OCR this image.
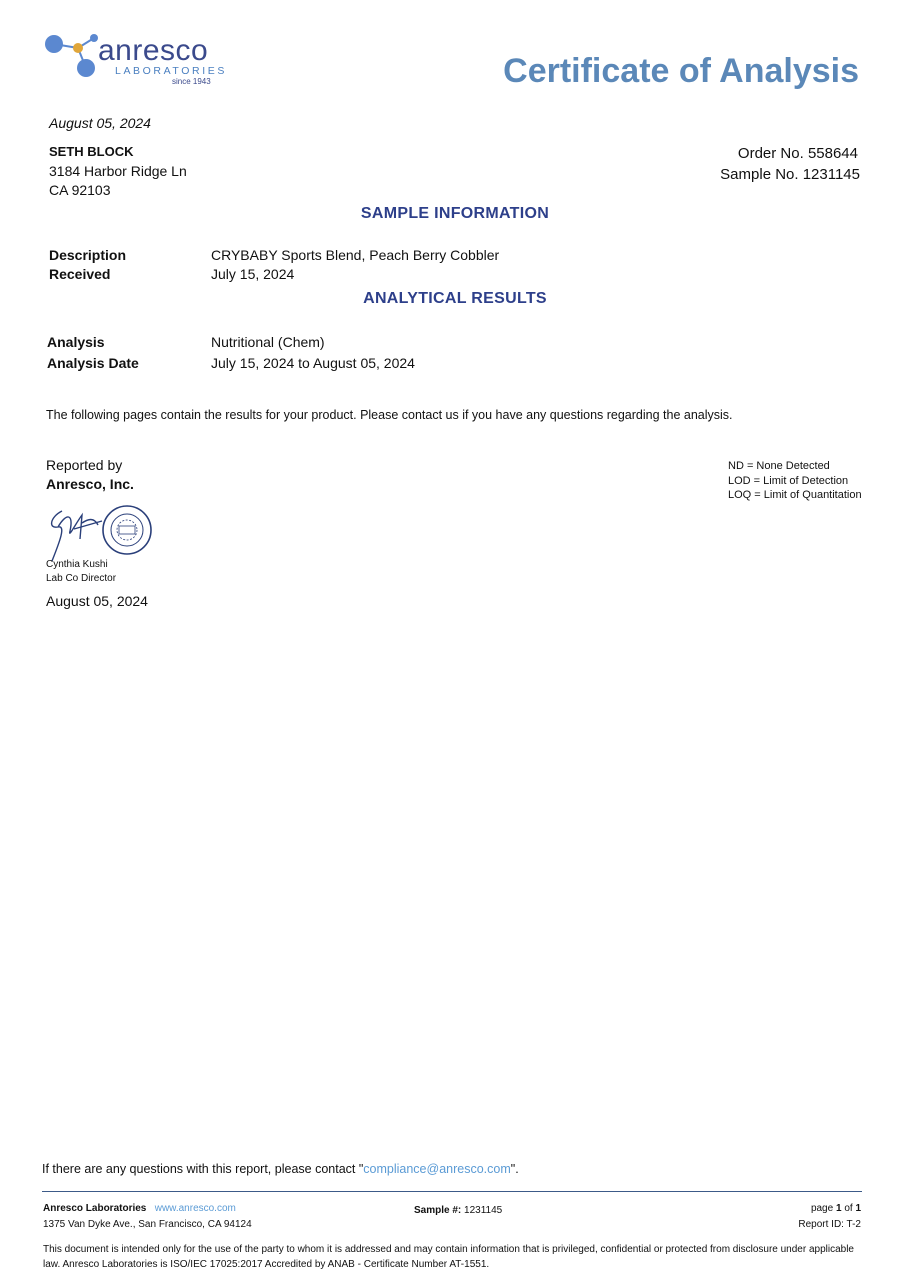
anresco
LABORATORIES
since 1943	Certificate of Analysis
August 05, 2024
SETH BLOCK
3184 Harbor Ridge Ln
CA 92103
Order No. 558644
Sample No. 1231145
SAMPLE INFORMATION
Description	CRYBABY Sports Blend, Peach Berry Cobbler
Received	July 15, 2024
ANALYTICAL RESULTS
Analysis	Nutritional (Chem)
Analysis Date	July 15, 2024 to August 05, 2024
The following pages contain the results for your product. Please contact us if you have any questions regarding the analysis.
Reported by
Anresco, Inc.
Cynthia Kushi
Lab Co Director
August 05, 2024
ND = None Detected
LOD = Limit of Detection
LOQ = Limit of Quantitation
If there are any questions with this report, please contact "compliance@anresco.com".
Anresco Laboratories www.anresco.com
1375 Van Dyke Ave., San Francisco, CA 94124
Sample #: 1231145	page 1 of 1
Report ID: T-2
This document is intended only for the use of the party to whom it is addressed and may contain information that is privileged, confidential or protected from disclosure under applicable law. Anresco Laboratories is ISO/IEC 17025:2017 Accredited by ANAB - Certificate Number AT-1551.
